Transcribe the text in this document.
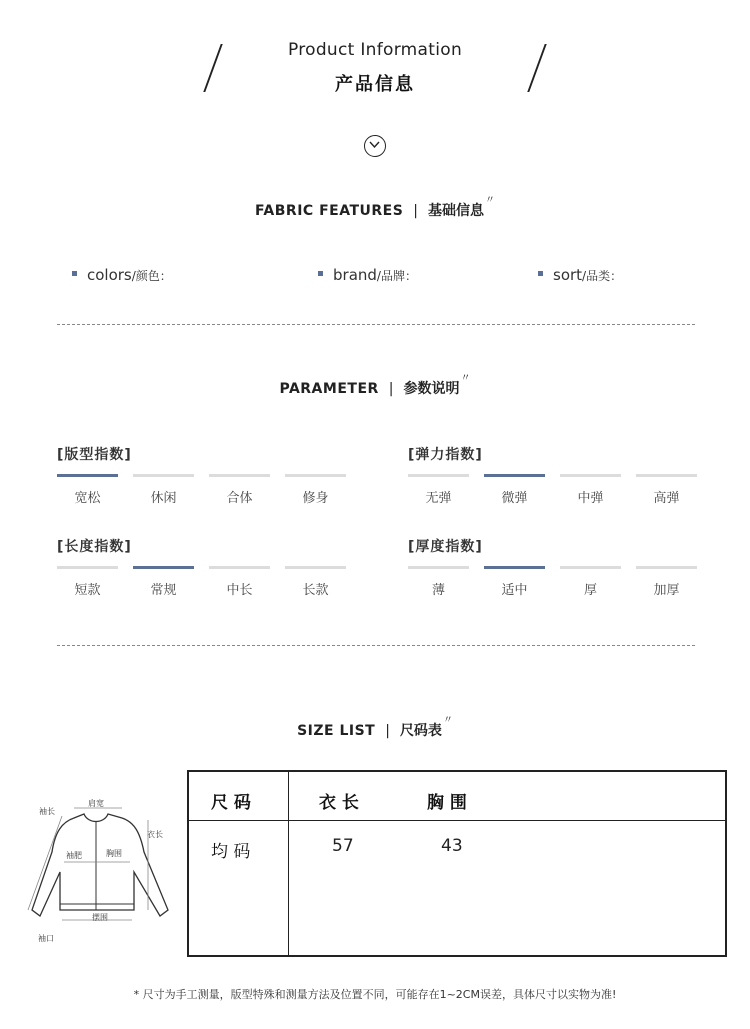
Product Information
产品信息
FABRIC FEATURES | 基础信息〃
colors/颜色：	brand/品牌：	sort/品类：
PARAMETER | 参数说明〃
[版型指数]
宽松	休闲	合体	修身
[弹力指数]
无弹	微弹	中弹	高弹
[长度指数]
短款	常规	中长	长款
[厚度指数]
薄	适中	厚	加厚
SIZE LIST | 尺码表〃
袖长
肩宽
衣长
袖肥	胸围
摆围
袖口
尺 码	衣 长	胸 围
均 码	57	43
* 尺寸为手工测量，版型特殊和测量方法及位置不同，可能存在1~2CM误差，具体尺寸以实物为准!
